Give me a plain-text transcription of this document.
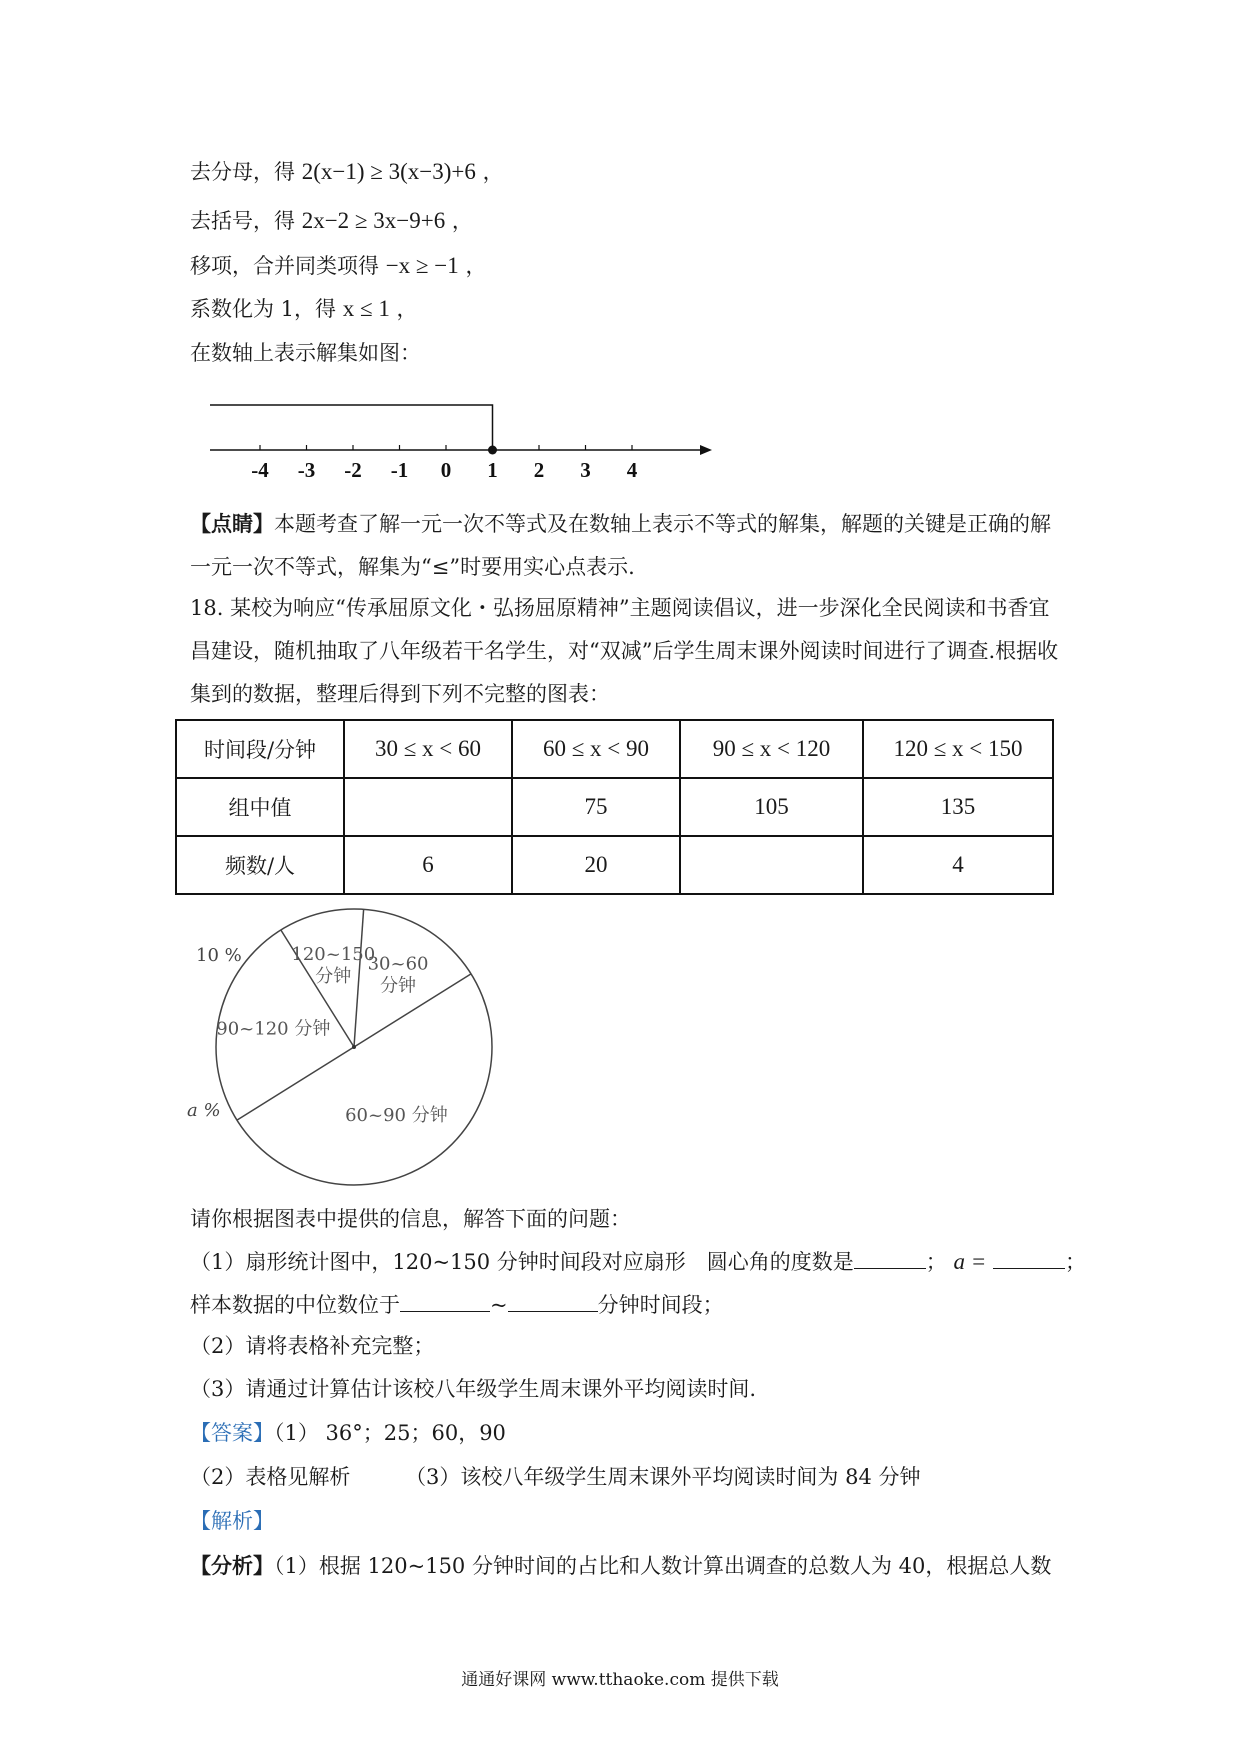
去分母，得 2(x−1) ≥ 3(x−3)+6 ，
去括号，得 2x−2 ≥ 3x−9+6 ，
移项，合并同类项得 −x ≥ −1 ，
系数化为 1，得 x ≤ 1 ，
在数轴上表示解集如图：
-4 -3 -2 -1 0 1 2 3 4
【点睛】本题考查了解一元一次不等式及在数轴上表示不等式的解集，解题的关键是正确的解一元一次不等式，解集为“≤”时要用实心点表示.
18. 某校为响应“传承屈原文化・弘扬屈原精神”主题阅读倡议，进一步深化全民阅读和书香宜昌建设，随机抽取了八年级若干名学生，对“双减”后学生周末课外阅读时间进行了调查.根据收集到的数据，整理后得到下列不完整的图表：
时间段/分钟	30 ≤ x < 60	60 ≤ x < 90	90 ≤ x < 120	120 ≤ x < 150
组中值		75	105	135
频数/人	6	20		4
30~60 分钟
60~90 分钟
90~120 分钟
120~150 分钟
10 %
a %
请你根据图表中提供的信息，解答下面的问题：
（1）扇形统计图中，120~150 分钟时间段对应扇形　圆心角的度数是	； a =	；
样本数据的中位数位于	~	分钟时间段；
（2）请将表格补充完整；
（3）请通过计算估计该校八年级学生周末课外平均阅读时间.
【答案】（1） 36°；25；60，90
（2）表格见解析	（3）该校八年级学生周末课外平均阅读时间为 84 分钟
【解析】
【分析】（1）根据 120~150 分钟时间的占比和人数计算出调查的总数人为 40，根据总人数
通通好课网 www.tthaoke.com 提供下载
